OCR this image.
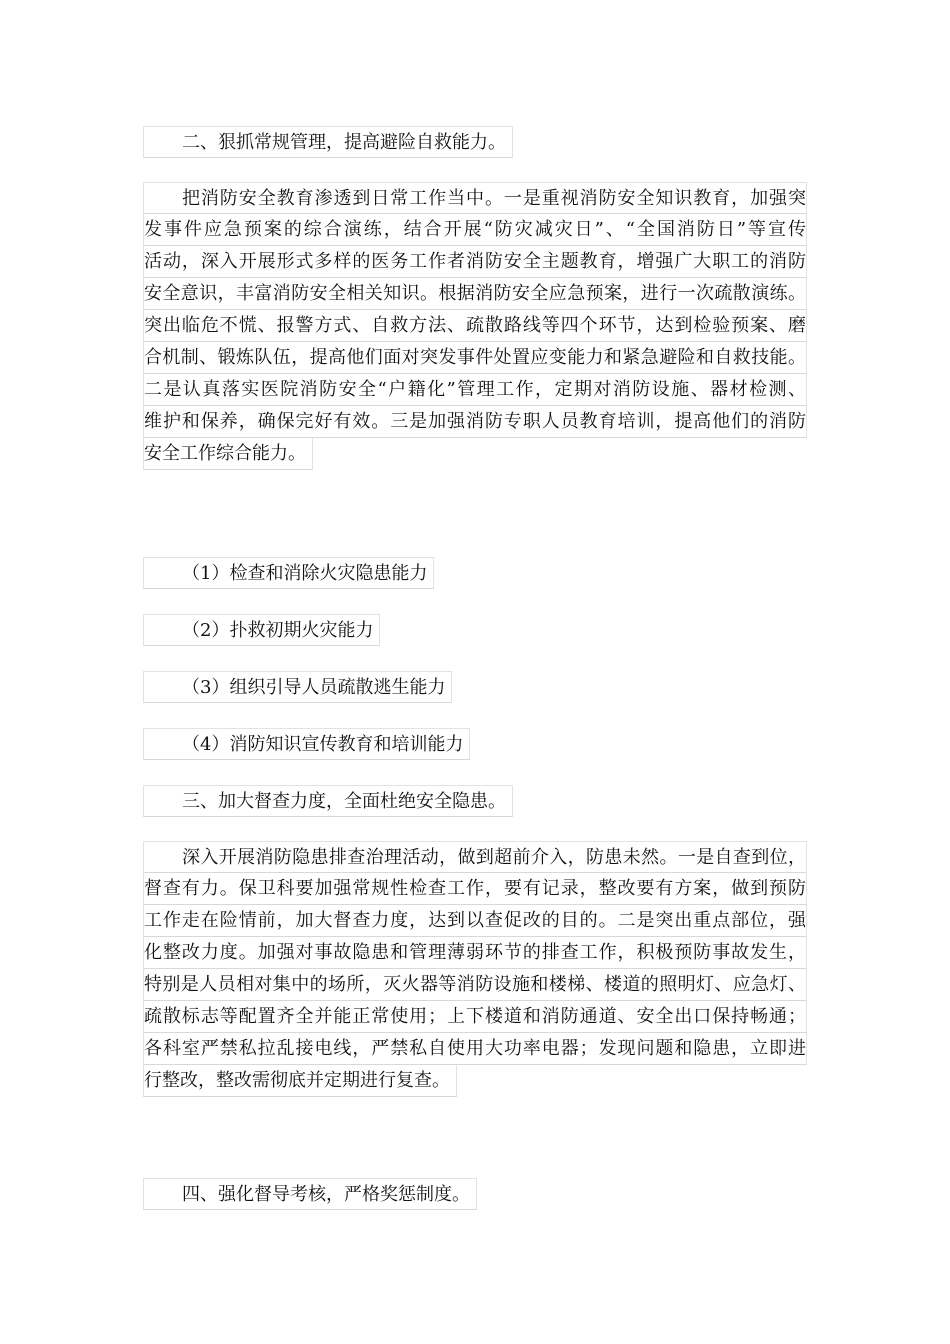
二、狠抓常规管理，提高避险自救能力。
把消防安全教育渗透到日常工作当中。一是重视消防安全知识教育，加强突
发事件应急预案的综合演练，结合开展“防灾减灾日”、“全国消防日”等宣传
活动，深入开展形式多样的医务工作者消防安全主题教育，增强广大职工的消防
安全意识，丰富消防安全相关知识。根据消防安全应急预案，进行一次疏散演练。
突出临危不慌、报警方式、自救方法、疏散路线等四个环节，达到检验预案、磨
合机制、锻炼队伍，提高他们面对突发事件处置应变能力和紧急避险和自救技能。
二是认真落实医院消防安全“户籍化”管理工作，定期对消防设施、器材检测、
维护和保养，确保完好有效。三是加强消防专职人员教育培训，提高他们的消防
安全工作综合能力。
（1）检查和消除火灾隐患能力
（2）扑救初期火灾能力
（3）组织引导人员疏散逃生能力
（4）消防知识宣传教育和培训能力
三、加大督查力度，全面杜绝安全隐患。
深入开展消防隐患排查治理活动，做到超前介入，防患未然。一是自查到位，
督查有力。保卫科要加强常规性检查工作，要有记录，整改要有方案，做到预防
工作走在险情前，加大督查力度，达到以查促改的目的。二是突出重点部位，强
化整改力度。加强对事故隐患和管理薄弱环节的排查工作，积极预防事故发生，
特别是人员相对集中的场所，灭火器等消防设施和楼梯、楼道的照明灯、应急灯、
疏散标志等配置齐全并能正常使用；上下楼道和消防通道、安全出口保持畅通；
各科室严禁私拉乱接电线，严禁私自使用大功率电器；发现问题和隐患，立即进
行整改，整改需彻底并定期进行复查。
四、强化督导考核，严格奖惩制度。
